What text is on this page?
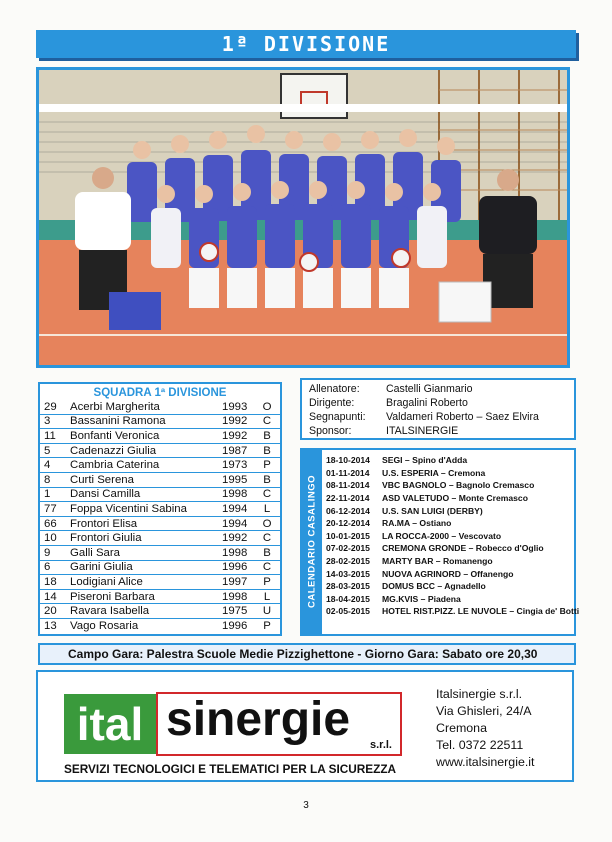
1ª DIVISIONE
SQUADRA 1ª DIVISIONE
29	Acerbi Margherita	1993	O
3	Bassanini Ramona	1992	C
11	Bonfanti Veronica	1992	B
5	Cadenazzi Giulia	1987	B
4	Cambria Caterina	1973	P
8	Curti Serena	1995	B
1	Dansi Camilla	1998	C
77	Foppa Vicentini Sabina	1994	L
66	Frontori Elisa	1994	O
10	Frontori Giulia	1992	C
9	Galli Sara	1998	B
6	Garini Giulia	1996	C
18	Lodigiani Alice	1997	P
14	Piseroni Barbara	1998	L
20	Ravara Isabella	1975	U
13	Vago Rosaria	1996	P
Allenatore:	Castelli Gianmario
Dirigente:	Bragalini Roberto
Segnapunti:	Valdameri Roberto – Saez Elvira
Sponsor:	ITALSINERGIE
CALENDARIO CASALINGO
18-10-2014	SEGI – Spino d'Adda
01-11-2014	U.S. ESPERIA – Cremona
08-11-2014	VBC BAGNOLO – Bagnolo Cremasco
22-11-2014	ASD VALETUDO – Monte Cremasco
06-12-2014	U.S. SAN LUIGI (DERBY)
20-12-2014	RA.MA – Ostiano
10-01-2015	LA ROCCA-2000 – Vescovato
07-02-2015	CREMONA GRONDE – Robecco d'Oglio
28-02-2015	MARTY BAR – Romanengo
14-03-2015	NUOVA AGRINORD – Offanengo
28-03-2015	DOMUS BCC – Agnadello
18-04-2015	MG.KVIS – Piadena
02-05-2015	HOTEL RIST.PIZZ. LE NUVOLE – Cingia de' Botti
Campo Gara: Palestra Scuole Medie Pizzighettone - Giorno Gara: Sabato ore 20,30
ital sinergie s.r.l.
SERVIZI TECNOLOGICI E TELEMATICI PER LA SICUREZZA
Italsinergie s.r.l.
Via Ghisleri, 24/A
Cremona
Tel. 0372 22511
www.italsinergie.it
3
